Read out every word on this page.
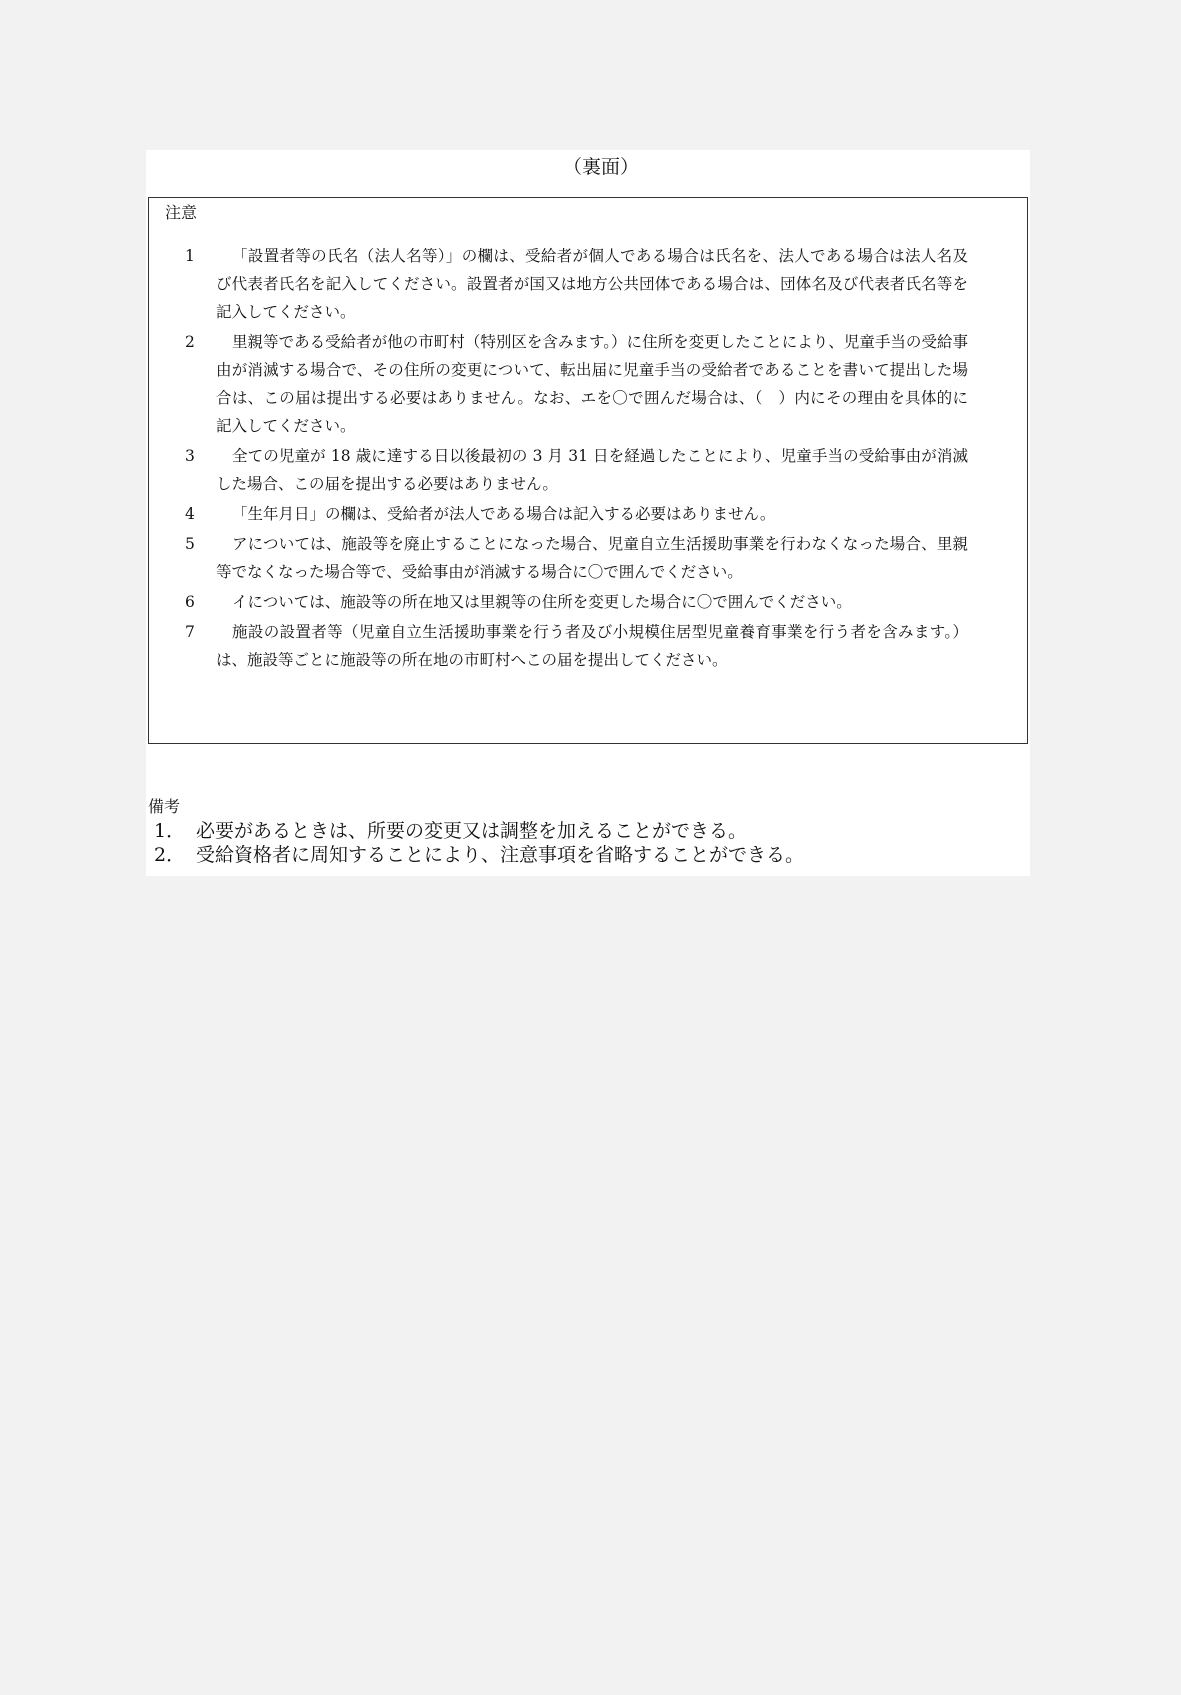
（裏面）
注意
1	「設置者等の氏名（法人名等）」の欄は、受給者が個人である場合は氏名を、法人である場合は法人名及び代表者氏名を記入してください。設置者が国又は地方公共団体である場合は、団体名及び代表者氏名等を記入してください。
2	里親等である受給者が他の市町村（特別区を含みます。）に住所を変更したことにより、児童手当の受給事由が消滅する場合で、その住所の変更について、転出届に児童手当の受給者であることを書いて提出した場合は、この届は提出する必要はありません。なお、エを〇で囲んだ場合は、（　）内にその理由を具体的に記入してください。
3	全ての児童が 18 歳に達する日以後最初の 3 月 31 日を経過したことにより、児童手当の受給事由が消滅した場合、この届を提出する必要はありません。
4	「生年月日」の欄は、受給者が法人である場合は記入する必要はありません。
5	アについては、施設等を廃止することになった場合、児童自立生活援助事業を行わなくなった場合、里親等でなくなった場合等で、受給事由が消滅する場合に〇で囲んでください。
6	イについては、施設等の所在地又は里親等の住所を変更した場合に〇で囲んでください。
7	施設の設置者等（児童自立生活援助事業を行う者及び小規模住居型児童養育事業を行う者を含みます。）は、施設等ごとに施設等の所在地の市町村へこの届を提出してください。
備考
1． 必要があるときは、所要の変更又は調整を加えることができる。
2． 受給資格者に周知することにより、注意事項を省略することができる。
